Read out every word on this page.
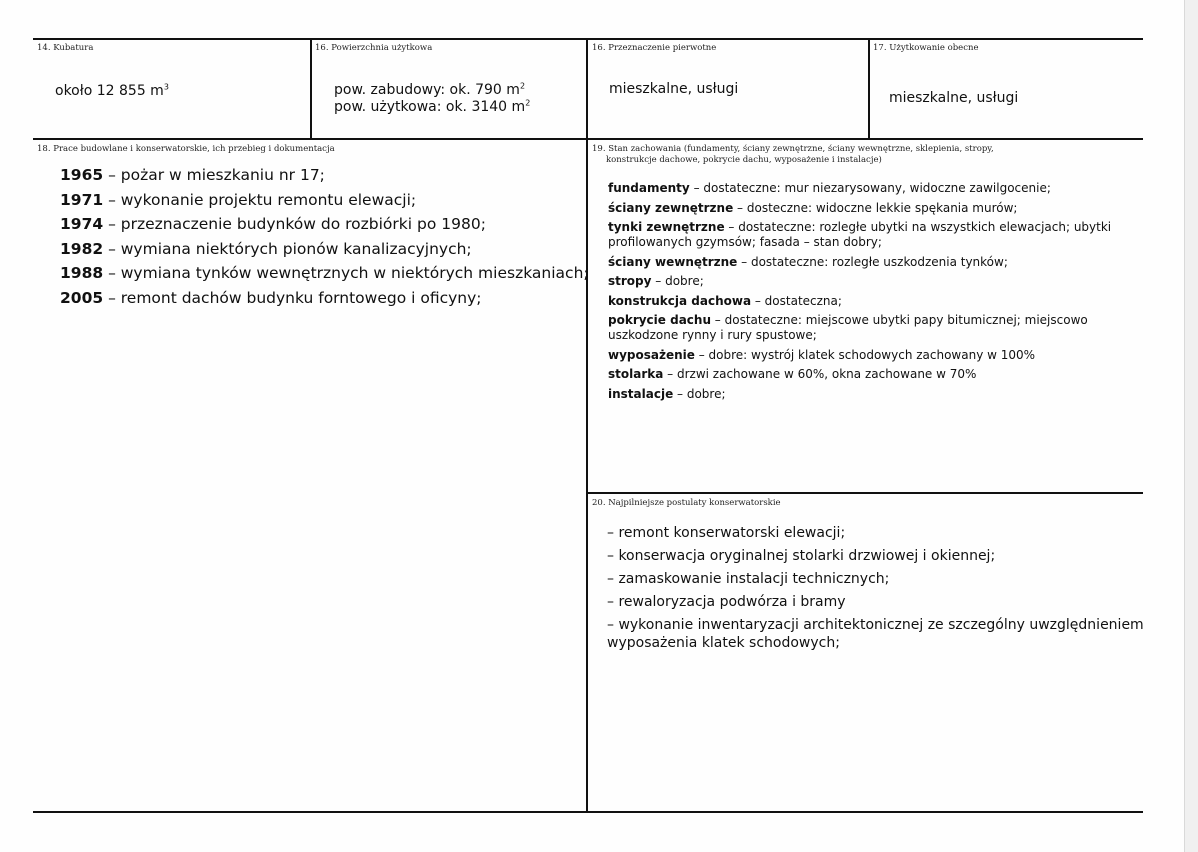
14. Kubatura
około 12 855 $m^3$
16. Powierzchnia użytkowa
pow. zabudowy: ok. 790 $m^2$
pow. użytkowa: ok. 3140 $m^2$
16. Przeznaczenie pierwotne
mieszkalne, usługi
17. Użytkowanie obecne
mieszkalne, usługi
18. Prace budowlane i konserwatorskie, ich przebieg i dokumentacja
1965 – pożar w mieszkaniu nr 17;
1971 – wykonanie projektu remontu elewacji;
1974 – przeznaczenie budynków do rozbiórki po 1980;
1982 – wymiana niektórych pionów kanalizacyjnych;
1988 – wymiana tynków wewnętrznych w niektórych mieszkaniach;
2005 – remont dachów budynku forntowego i oficyny;
19. Stan zachowania (fundamenty, ściany zewnętrzne, ściany wewnętrzne, sklepienia, stropy,
konstrukcje dachowe, pokrycie dachu, wyposażenie i instalacje)
fundamenty – dostateczne: mur niezarysowany, widoczne zawilgocenie;
ściany zewnętrzne – dosteczne: widoczne lekkie spękania murów;
tynki zewnętrzne – dostateczne: rozległe ubytki na wszystkich elewacjach; ubytki profilowanych gzymsów; fasada – stan dobry;
ściany wewnętrzne – dostateczne: rozległe uszkodzenia tynków;
stropy – dobre;
konstrukcja dachowa – dostateczna;
pokrycie dachu – dostateczne: miejscowe ubytki papy bitumicznej; miejscowo uszkodzone rynny i rury spustowe;
wyposażenie – dobre: wystrój klatek schodowych zachowany w 100%
stolarka – drzwi zachowane w 60%, okna zachowane w 70%
instalacje – dobre;
20. Najpilniejsze postulaty konserwatorskie
– remont konserwatorski elewacji;
– konserwacja oryginalnej stolarki drzwiowej i okiennej;
– zamaskowanie instalacji technicznych;
– rewaloryzacja podwórza i bramy
– wykonanie inwentaryzacji architektonicznej ze szczególny uwzględnieniem wyposażenia klatek schodowych;
